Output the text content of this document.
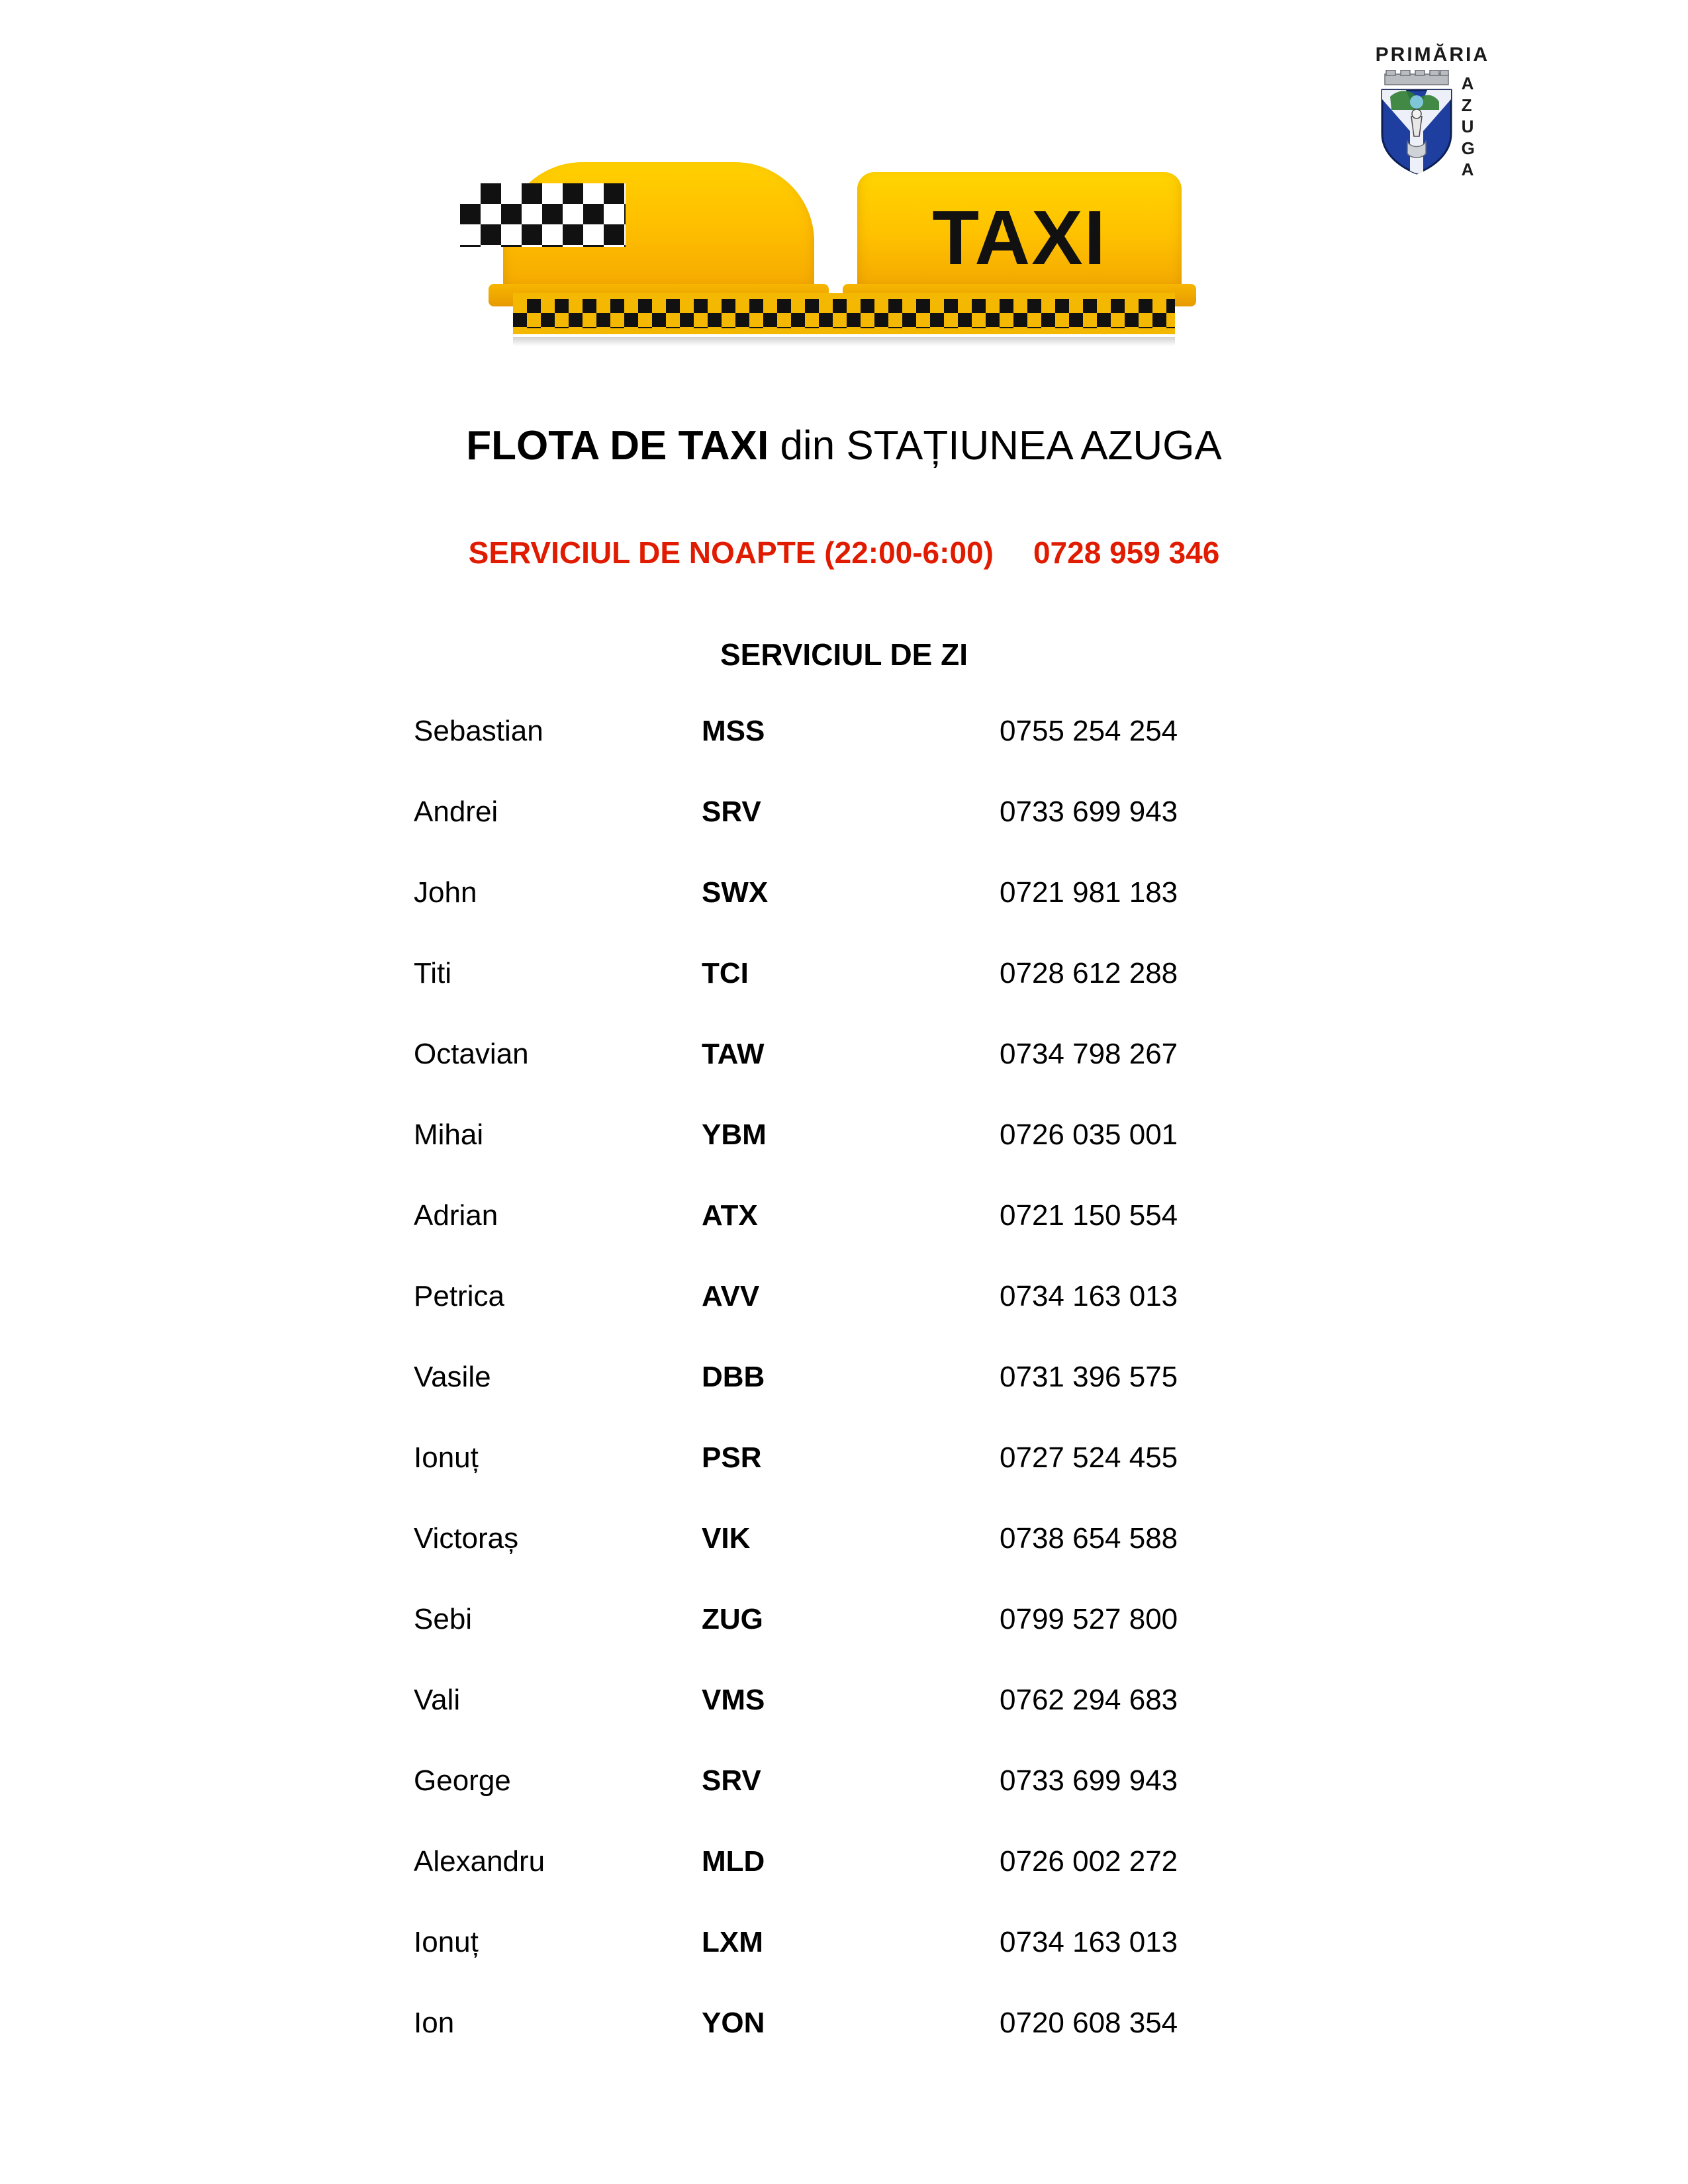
PRIMĂRIA
A
Z
U
G
A
TAXI
FLOTA DE TAXI din STAȚIUNEA AZUGA
SERVICIUL DE NOAPTE (22:00-6:00) 0728 959 346
SERVICIUL DE ZI
Sebastian	MSS	0755 254 254
Andrei	SRV	0733 699 943
John	SWX	0721 981 183
Titi	TCI	0728 612 288
Octavian	TAW	0734 798 267
Mihai	YBM	0726 035 001
Adrian	ATX	0721 150 554
Petrica	AVV	0734 163 013
Vasile	DBB	0731 396 575
Ionuț	PSR	0727 524 455
Victoraș	VIK	0738 654 588
Sebi	ZUG	0799 527 800
Vali	VMS	0762 294 683
George	SRV	0733 699 943
Alexandru	MLD	0726 002 272
Ionuț	LXM	0734 163 013
Ion	YON	0720 608 354
